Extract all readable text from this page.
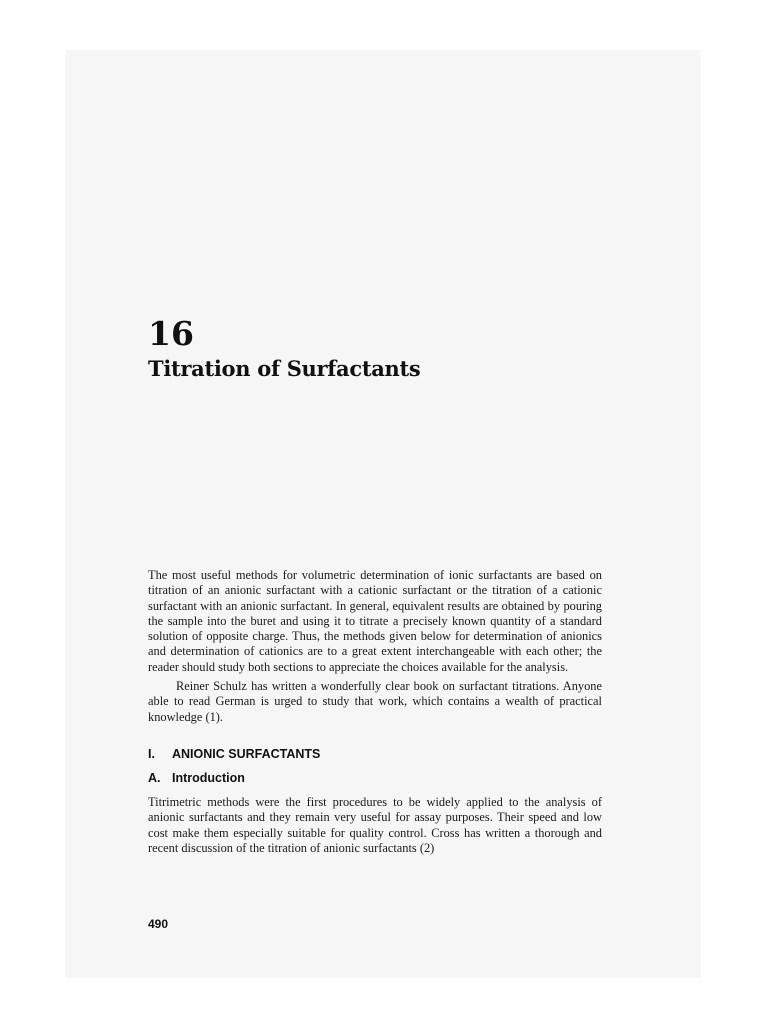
16
Titration of Surfactants

The most useful methods for volumetric determination of ionic surfactants are based on titration of an anionic surfactant with a cationic surfactant or the titration of a cationic surfactant with an anionic surfactant. In general, equivalent results are obtained by pouring the sample into the buret and using it to titrate a precisely known quantity of a standard solution of opposite charge. Thus, the methods given below for determination of anionics and determination of cationics are to a great extent interchangeable with each other; the reader should study both sections to appreciate the choices available for the analysis.

Reiner Schulz has written a wonderfully clear book on surfactant titrations. Anyone able to read German is urged to study that work, which contains a wealth of practical knowledge (1).

I. ANIONIC SURFACTANTS
A. Introduction

Titrimetric methods were the first procedures to be widely applied to the analysis of anionic surfactants and they remain very useful for assay purposes. Their speed and low cost make them especially suitable for quality control. Cross has written a thorough and recent discussion of the titration of anionic surfactants (2)

490
